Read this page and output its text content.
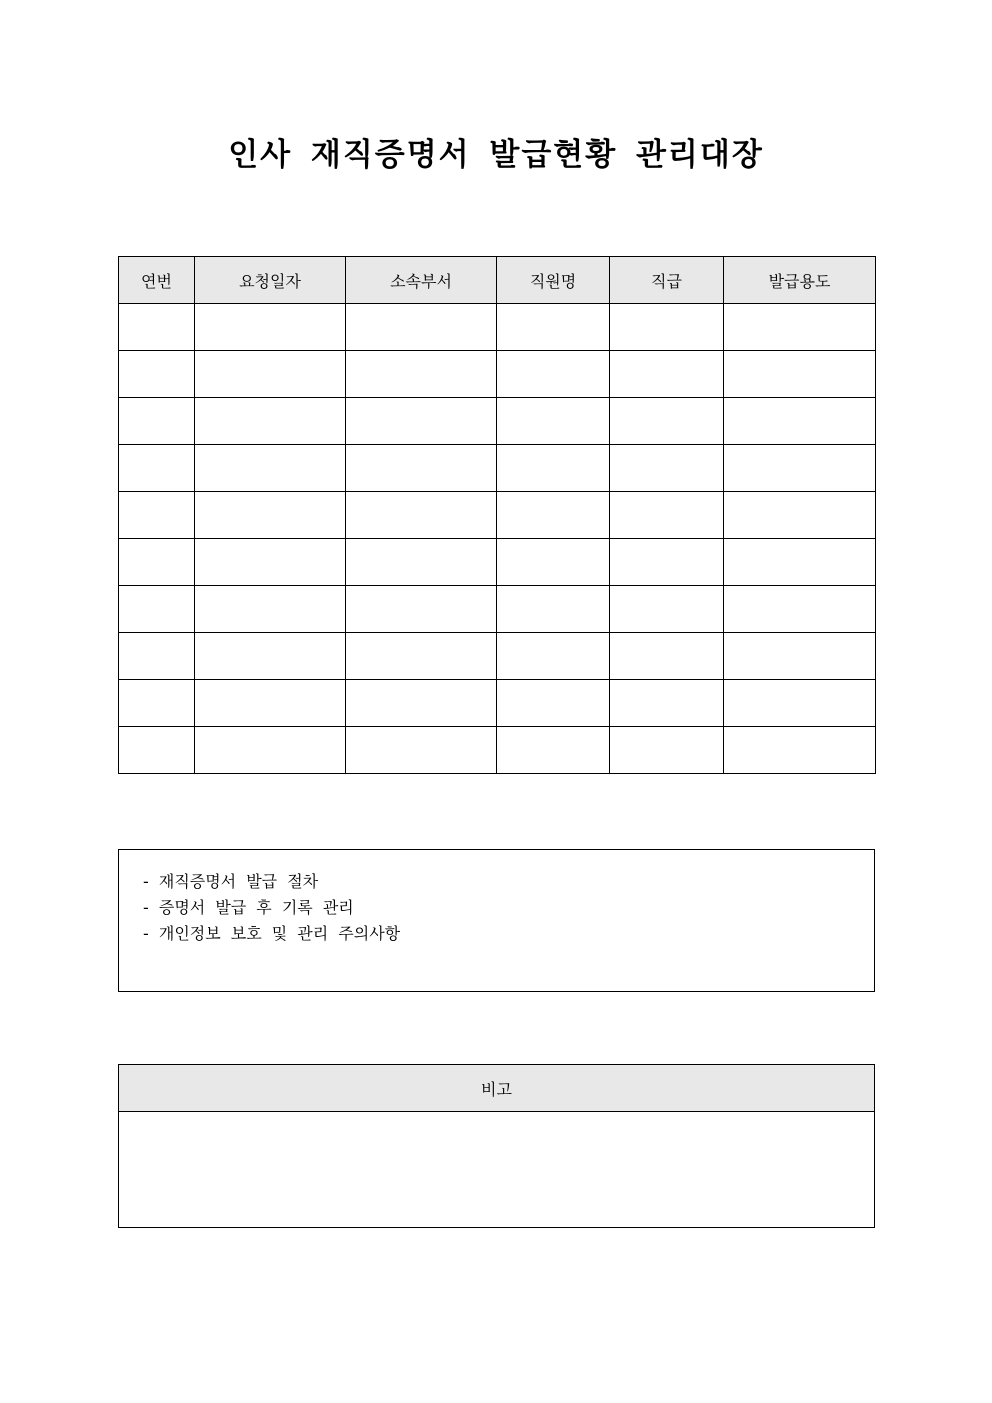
인사 재직증명서 발급현황 관리대장
연번	요청일자	소속부서	직원명	직급	발급용도

- 재직증명서 발급 절차
- 증명서 발급 후 기록 관리
- 개인정보 보호 및 관리 주의사항
비고
